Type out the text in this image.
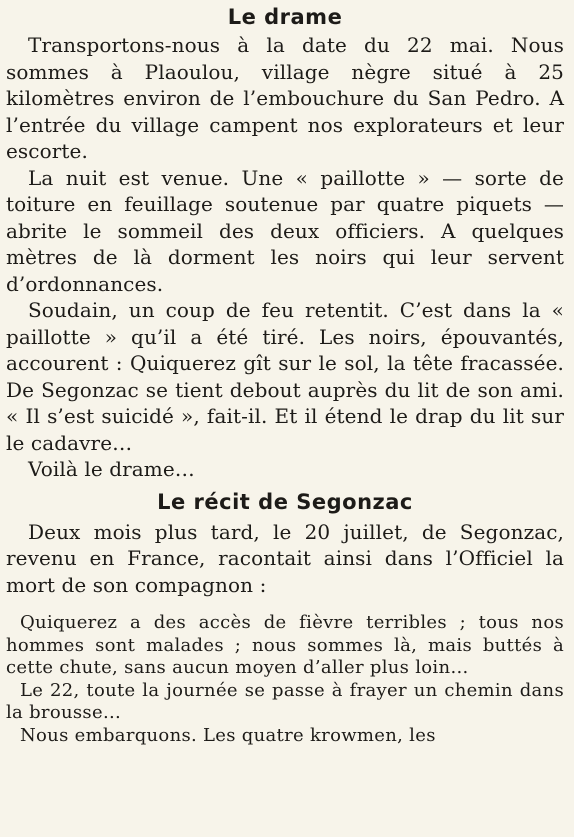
Le drame

Transportons-nous à la date du 22 mai. Nous sommes à Plaoulou, village nègre situé à 25 kilomètres environ de l’embouchure du San Pedro. A l’entrée du village campent nos explorateurs et leur escorte.

La nuit est venue. Une « paillotte » — sorte de toiture en feuillage soutenue par quatre piquets — abrite le sommeil des deux officiers. A quelques mètres de là dorment les noirs qui leur servent d’ordonnances.

Soudain, un coup de feu retentit. C’est dans la « paillotte » qu’il a été tiré. Les noirs, épouvantés, accourent : Quiquerez gît sur le sol, la tête fracassée. De Segonzac se tient debout auprès du lit de son ami. « Il s’est suicidé », fait-il. Et il étend le drap du lit sur le cadavre…

Voilà le drame…

Le récit de Segonzac

Deux mois plus tard, le 20 juillet, de Segonzac, revenu en France, racontait ainsi dans l’Officiel la mort de son compagnon :

Quiquerez a des accès de fièvre terribles ; tous nos hommes sont malades ; nous sommes là, mais buttés à cette chute, sans aucun moyen d’aller plus loin…

Le 22, toute la journée se passe à frayer un chemin dans la brousse…

Nous embarquons. Les quatre krowmen, les
